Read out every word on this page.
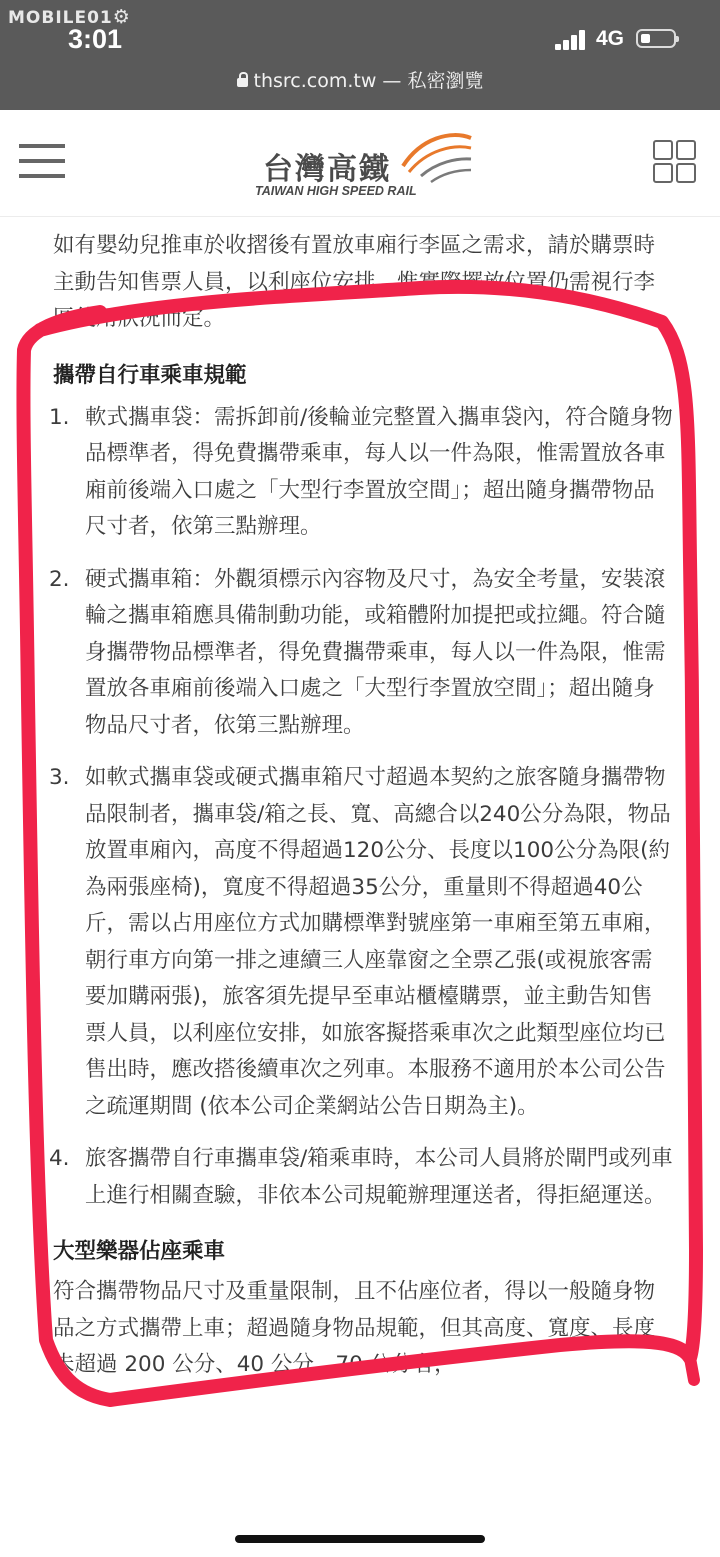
MOBILE01⚙
3:01	4G
thsrc.com.tw — 私密瀏覽
台灣高鐵
TAIWAN HIGH SPEED RAIL

如有嬰幼兒推車於收摺後有置放車廂行李區之需求，請於購票時主動告知售票人員，以利座位安排，惟實際擺放位置仍需視行李區使用狀況而定。

攜帶自行車乘車規範
1. 軟式攜車袋：需拆卸前/後輪並完整置入攜車袋內，符合隨身物品標準者，得免費攜帶乘車，每人以一件為限，惟需置放各車廂前後端入口處之「大型行李置放空間」；超出隨身攜帶物品尺寸者，依第三點辦理。
2. 硬式攜車箱：外觀須標示內容物及尺寸，為安全考量，安裝滾輪之攜車箱應具備制動功能，或箱體附加提把或拉繩。符合隨身攜帶物品標準者，得免費攜帶乘車，每人以一件為限，惟需置放各車廂前後端入口處之「大型行李置放空間」；超出隨身物品尺寸者，依第三點辦理。
3. 如軟式攜車袋或硬式攜車箱尺寸超過本契約之旅客隨身攜帶物品限制者，攜車袋/箱之長、寬、高總合以240公分為限，物品放置車廂內，高度不得超過120公分、長度以100公分為限(約為兩張座椅)，寬度不得超過35公分，重量則不得超過40公斤，需以占用座位方式加購標準對號座第一車廂至第五車廂，朝行車方向第一排之連續三人座靠窗之全票乙張(或視旅客需要加購兩張)，旅客須先提早至車站櫃檯購票，並主動告知售票人員，以利座位安排，如旅客擬搭乘車次之此類型座位均已售出時，應改搭後續車次之列車。本服務不適用於本公司公告之疏運期間 (依本公司企業網站公告日期為主)。
4. 旅客攜帶自行車攜車袋/箱乘車時，本公司人員將於閘門或列車上進行相關查驗，非依本公司規範辦理運送者，得拒絕運送。
大型樂器佔座乘車

符合攜帶物品尺寸及重量限制，且不佔座位者，得以一般隨身物品之方式攜帶上車；超過隨身物品規範，但其高度、寬度、長度未超過 200 公分、40 公分、70 公分者，
